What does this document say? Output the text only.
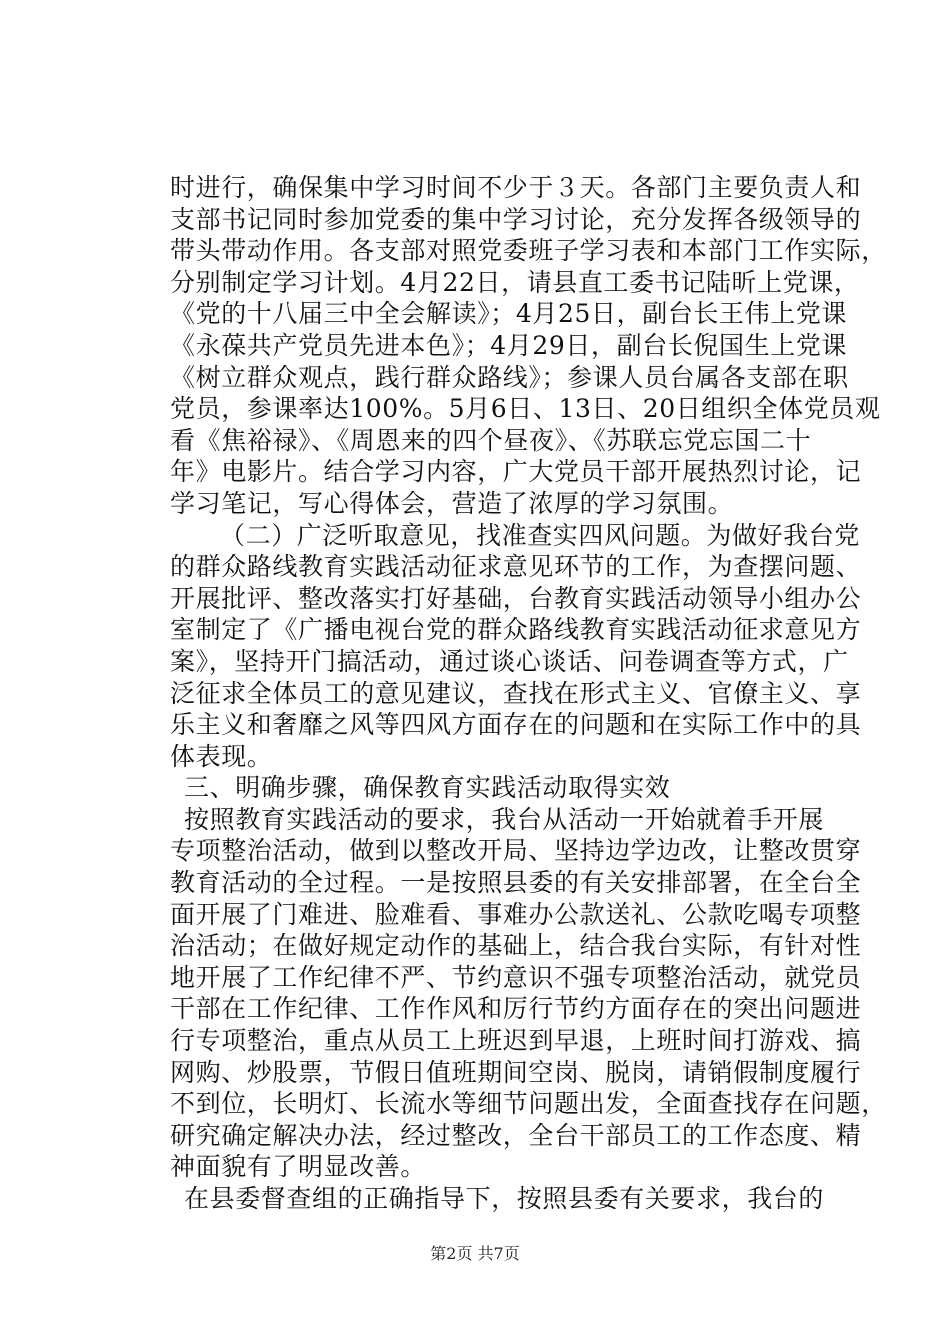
时进行，确保集中学习时间不少于３天。各部门主要负责人和
支部书记同时参加党委的集中学习讨论，充分发挥各级领导的
带头带动作用。各支部对照党委班子学习表和本部门工作实际，
分别制定学习计划。4月22日，请县直工委书记陆昕上党课，
《党的十八届三中全会解读》；4月25日，副台长王伟上党课
《永葆共产党员先进本色》；4月29日，副台长倪国生上党课
《树立群众观点，践行群众路线》；参课人员台属各支部在职
党员，参课率达100%。5月6日、13日、20日组织全体党员观
看《焦裕禄》、《周恩来的四个昼夜》、《苏联忘党忘国二十
年》电影片。结合学习内容，广大党员干部开展热烈讨论，记
学习笔记，写心得体会，营造了浓厚的学习氛围。
（二）广泛听取意见，找准查实四风问题。为做好我台党
的群众路线教育实践活动征求意见环节的工作，为查摆问题、
开展批评、整改落实打好基础，台教育实践活动领导小组办公
室制定了《广播电视台党的群众路线教育实践活动征求意见方
案》，坚持开门搞活动，通过谈心谈话、问卷调查等方式，广
泛征求全体员工的意见建议，查找在形式主义、官僚主义、享
乐主义和奢靡之风等四风方面存在的问题和在实际工作中的具
体表现。
三、明确步骤，确保教育实践活动取得实效
按照教育实践活动的要求，我台从活动一开始就着手开展
专项整治活动，做到以整改开局、坚持边学边改，让整改贯穿
教育活动的全过程。一是按照县委的有关安排部署，在全台全
面开展了门难进、脸难看、事难办公款送礼、公款吃喝专项整
治活动；在做好规定动作的基础上，结合我台实际，有针对性
地开展了工作纪律不严、节约意识不强专项整治活动，就党员
干部在工作纪律、工作作风和厉行节约方面存在的突出问题进
行专项整治，重点从员工上班迟到早退，上班时间打游戏、搞
网购、炒股票，节假日值班期间空岗、脱岗，请销假制度履行
不到位，长明灯、长流水等细节问题出发，全面查找存在问题，
研究确定解决办法，经过整改，全台干部员工的工作态度、精
神面貌有了明显改善。
在县委督查组的正确指导下，按照县委有关要求，我台的
第2页 共7页
